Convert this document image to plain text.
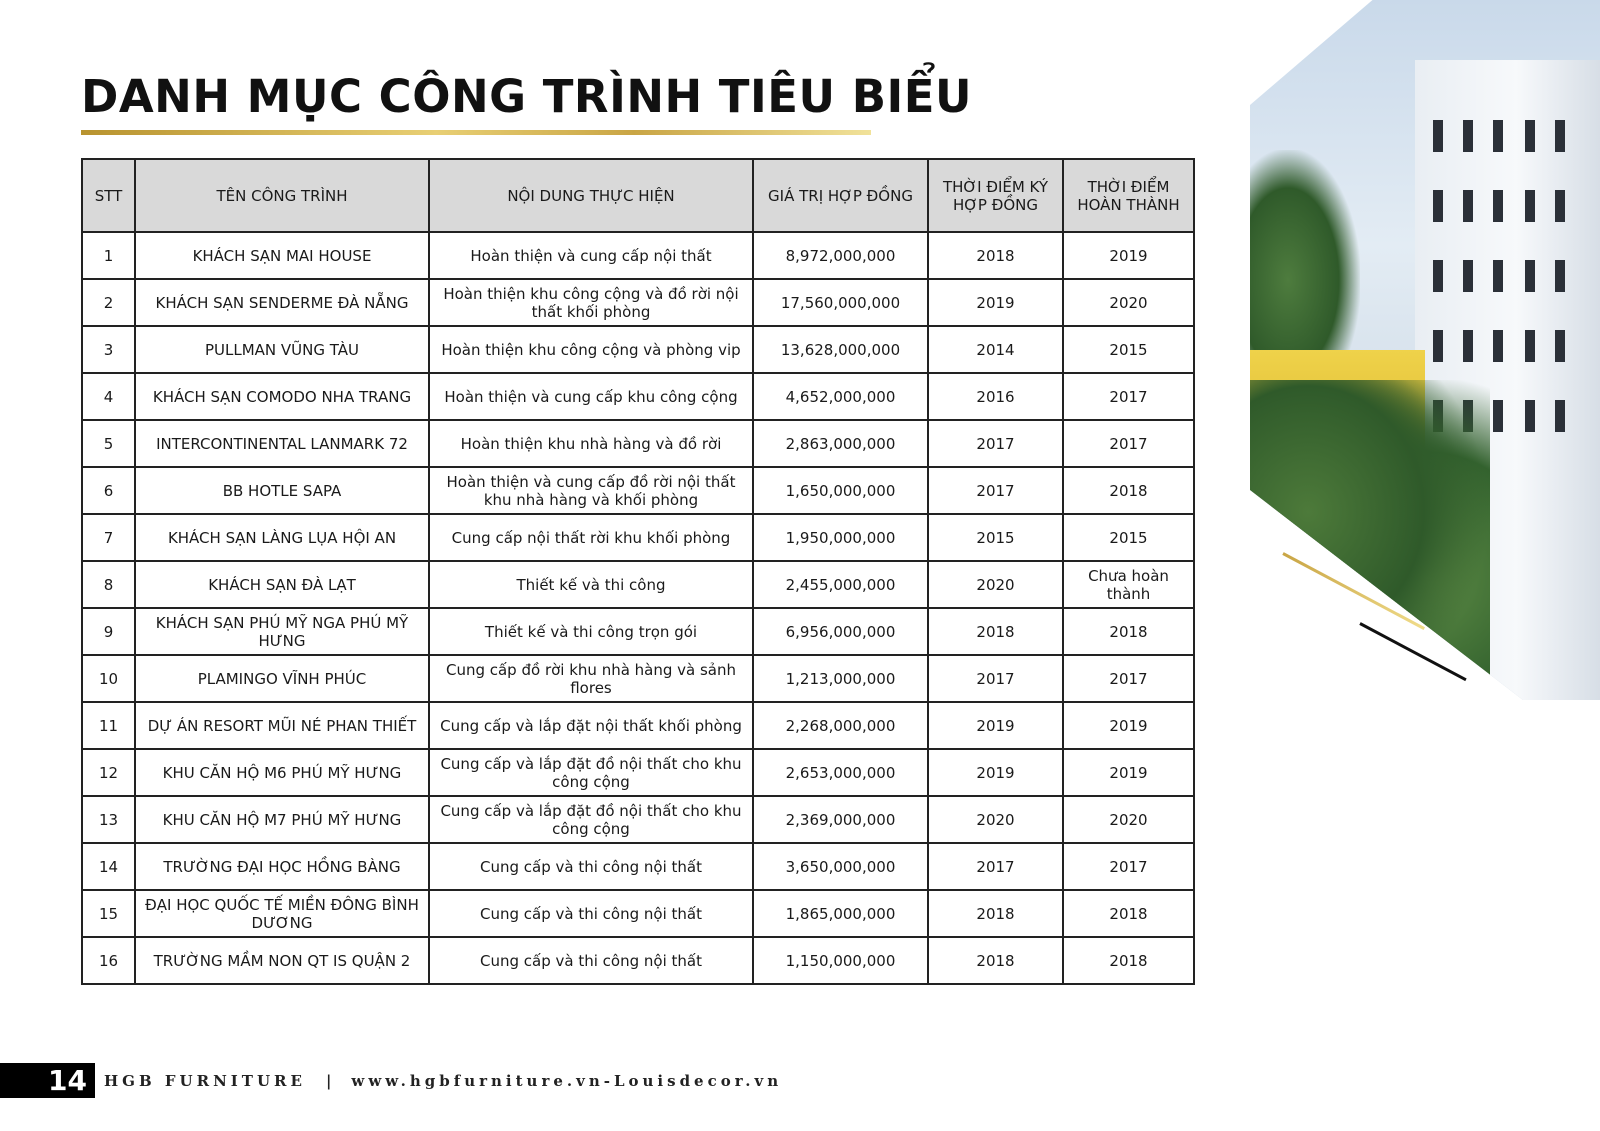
DANH MỤC CÔNG TRÌNH TIÊU BIỂU
STT	TÊN CÔNG TRÌNH	NỘI DUNG THỰC HIỆN	GIÁ TRỊ HỢP ĐỒNG	THỜI ĐIỂM KÝ HỢP ĐỒNG	THỜI ĐIỂM HOÀN THÀNH
1	KHÁCH SẠN MAI HOUSE	Hoàn thiện và cung cấp nội thất	8,972,000,000	2018	2019
2	KHÁCH SẠN SENDERME ĐÀ NẴNG	Hoàn thiện khu công cộng và đồ rời nội thất khối phòng	17,560,000,000	2019	2020
3	PULLMAN VŨNG TÀU	Hoàn thiện khu công cộng và phòng vip	13,628,000,000	2014	2015
4	KHÁCH SẠN COMODO NHA TRANG	Hoàn thiện và cung cấp khu công cộng	4,652,000,000	2016	2017
5	INTERCONTINENTAL LANMARK 72	Hoàn thiện khu nhà hàng và đồ rời	2,863,000,000	2017	2017
6	BB HOTLE SAPA	Hoàn thiện và cung cấp đồ rời nội thất khu nhà hàng và khối phòng	1,650,000,000	2017	2018
7	KHÁCH SẠN LÀNG LỤA HỘI AN	Cung cấp nội thất rời khu khối phòng	1,950,000,000	2015	2015
8	KHÁCH SẠN ĐÀ LẠT	Thiết kế và thi công	2,455,000,000	2020	Chưa hoàn thành
9	KHÁCH SẠN PHÚ MỸ NGA PHÚ MỸ HƯNG	Thiết kế và thi công trọn gói	6,956,000,000	2018	2018
10	PLAMINGO VĨNH PHÚC	Cung cấp đồ rời khu nhà hàng và sảnh flores	1,213,000,000	2017	2017
11	DỰ ÁN RESORT MŨI NÉ PHAN THIẾT	Cung cấp và lắp đặt nội thất khối phòng	2,268,000,000	2019	2019
12	KHU CĂN HỘ M6 PHÚ MỸ HƯNG	Cung cấp và lắp đặt đồ nội thất cho khu công cộng	2,653,000,000	2019	2019
13	KHU CĂN HỘ M7 PHÚ MỸ HƯNG	Cung cấp và lắp đặt đồ nội thất cho khu công cộng	2,369,000,000	2020	2020
14	TRƯỜNG ĐẠI HỌC HỒNG BÀNG	Cung cấp và thi công nội thất	3,650,000,000	2017	2017
15	ĐẠI HỌC QUỐC TẾ MIỀN ĐÔNG BÌNH DƯƠNG	Cung cấp và thi công nội thất	1,865,000,000	2018	2018
16	TRƯỜNG MẦM NON QT IS QUẬN 2	Cung cấp và thi công nội thất	1,150,000,000	2018	2018
14	HGB FURNITURE | www.hgbfurniture.vn-Louisdecor.vn
